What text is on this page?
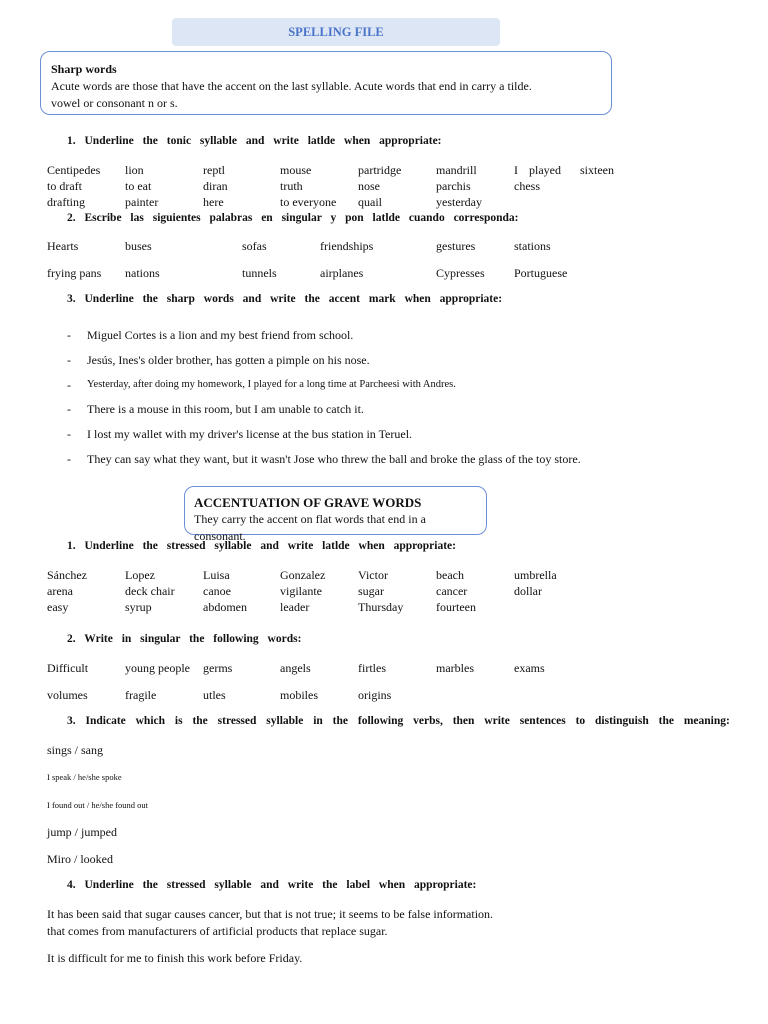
SPELLING FILE
Sharp words
Acute words are those that have the accent on the last syllable. Acute words that end in carry a tilde.
vowel or consonant n or s.
1. Underline the tonic syllable and write latlde when appropriate:
Centipedes lion	reptl	mouse	partridge	mandrill	I played sixteen
to draft	to eat	diran	truth	nose	parchis	chess
drafting	painter	here	to everyone quail	yesterday
2. Escribe las siguientes palabras en singular y pon latlde cuando corresponda:
Hearts	buses	sofas	friendships	gestures	stations
frying pans nations	tunnels	airplanes	Cypresses Portuguese
3. Underline the sharp words and write the accent mark when appropriate:
- Miguel Cortes is a lion and my best friend from school.
- Jesús, Ines's older brother, has gotten a pimple on his nose.
- Yesterday, after doing my homework, I played for a long time at Parcheesi with Andres.
- There is a mouse in this room, but I am unable to catch it.
- I lost my wallet with my driver's license at the bus station in Teruel.
- They can say what they want, but it wasn't Jose who threw the ball and broke the glass of the toy store.
ACCENTUATION OF GRAVE WORDS
They carry the accent on flat words that end in a consonant.
1. Underline the stressed syllable and write latlde when appropriate:
Sánchez	Lopez	Luisa	Gonzalez	Victor	beach	umbrella
arena	deck chair canoe	vigilante	sugar	cancer	dollar
easy	syrup	abdomen	leader	Thursday	fourteen
2. Write in singular the following words:
Difficult	young people germs	angels	firtles	marbles	exams
volumes	fragile	utles	mobiles	origins
3. Indicate which is the stressed syllable in the following verbs, then write sentences to distinguish the meaning:
sings / sang
I speak / he/she spoke
I found out / he/she found out
jump / jumped
Miro / looked
4. Underline the stressed syllable and write the label when appropriate:
It has been said that sugar causes cancer, but that is not true; it seems to be false information.
that comes from manufacturers of artificial products that replace sugar.
It is difficult for me to finish this work before Friday.
